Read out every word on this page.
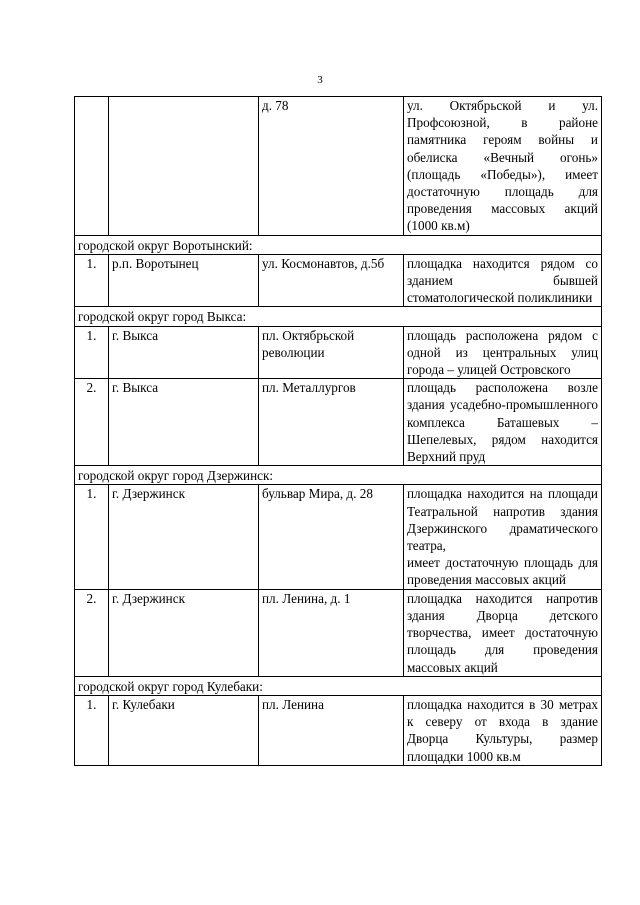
3
		д. 78	ул. Октябрьской и ул. Профсоюзной, в районе памятника героям войны и обелиска «Вечный огонь» (площадь «Победы»), имеет достаточную площадь для проведения массовых акций (1000 кв.м)

городской округ Воротынский:			
1.	р.п. Воротынец	ул. Космонавтов, д.5б	площадка находится рядом со зданием бывшей стоматологической поликлиники

городской округ город Выкса:			
1.	г. Выкса	пл. Октябрьской революции	площадь расположена рядом с одной из центральных улиц города – улицей Островского

2.	г. Выкса	пл. Металлургов	площадь расположена возле здания усадебно-промышленного комплекса Баташевых – Шепелевых, рядом находится Верхний пруд

городской округ город Дзержинск:			
1.	г. Дзержинск	бульвар Мира, д. 28	площадка находится на площади Театральной напротив здания Дзержинского драматического театра,
имеет достаточную площадь для проведения массовых акций

2.	г. Дзержинск	пл. Ленина, д. 1	площадка находится напротив здания Дворца детского творчества, имеет достаточную площадь для проведения массовых акций

городской округ город Кулебаки:			
1.	г. Кулебаки	пл. Ленина	площадка находится в 30 метрах к северу от входа в здание Дворца Культуры, размер площадки 1000 кв.м
